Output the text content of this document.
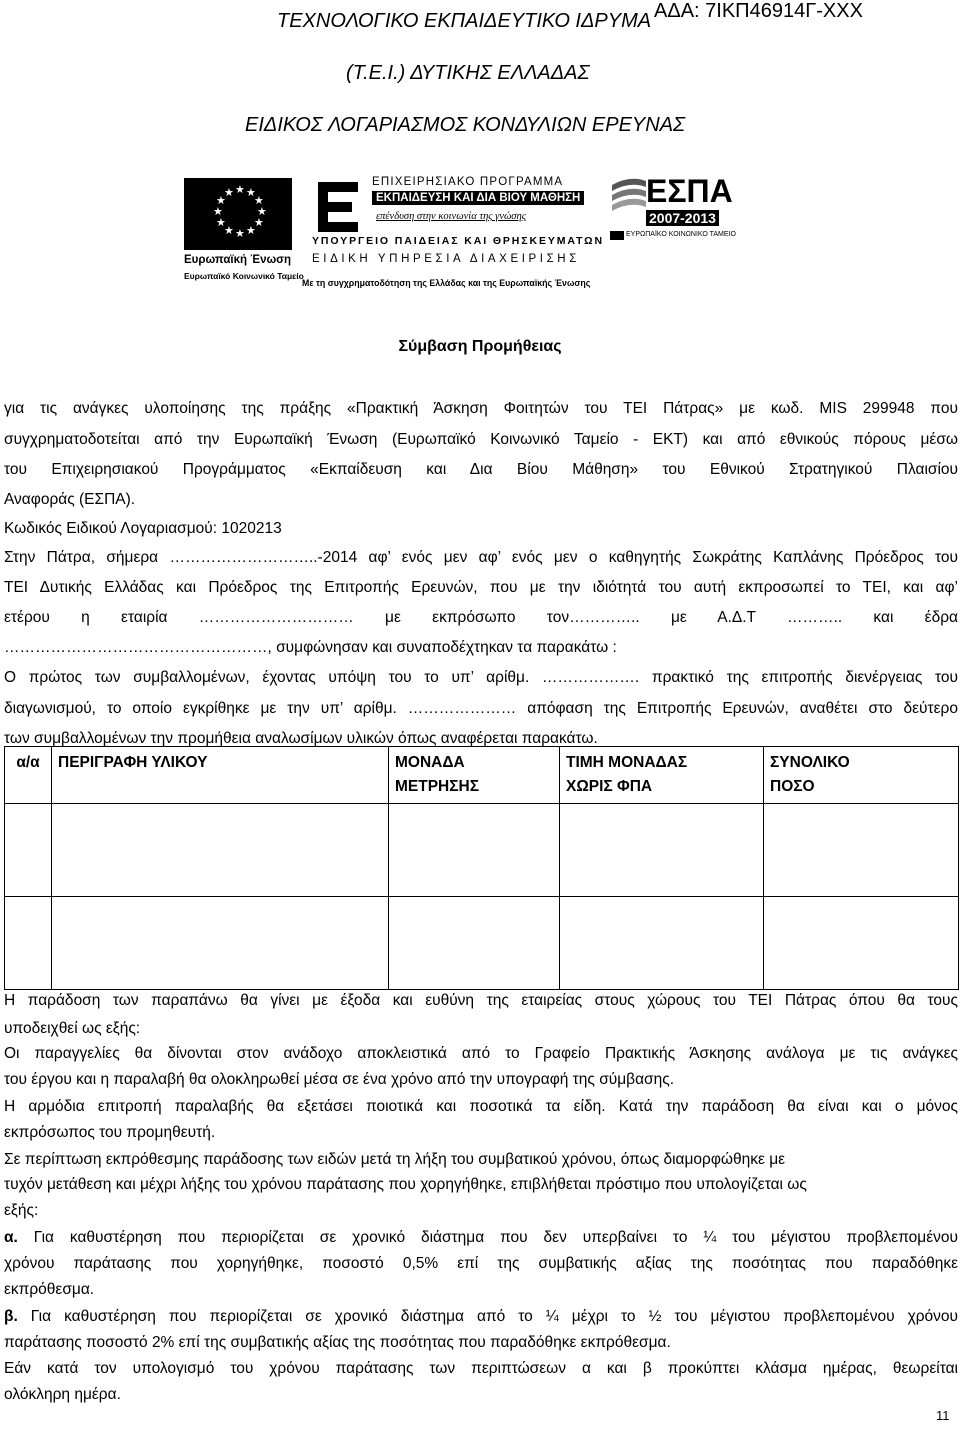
ΤΕΧΝΟΛΟΓΙΚΟ ΕΚΠΑΙΔΕΥΤΙΚΟ ΙΔΡΥΜΑ ΑΔΑ: 7ΙΚΠ46914Γ-ΧΧΧ
(Τ.Ε.Ι.) ΔΥΤΙΚΗΣ ΕΛΛΑΔΑΣ
ΕΙΔΙΚΟΣ ΛΟΓΑΡΙΑΣΜΟΣ ΚΟΝΔΥΛΙΩΝ ΕΡΕΥΝΑΣ
★ ★
★
★
★
★
★
★
★
★
★
★
Ευρωπαϊκή Ένωση
Ευρωπαϊκό Κοινωνικό Ταμείο
ΕΠΙΧΕΙΡΗΣΙΑΚΟ ΠΡΟΓΡΑΜΜΑ
ΕΚΠΑΙΔΕΥΣΗ ΚΑΙ ΔΙΑ ΒΙΟΥ ΜΑΘΗΣΗ
επένδυση στην κοινωνία της γνώσης
ΥΠΟΥΡΓΕΙΟ ΠΑΙΔΕΙΑΣ ΚΑΙ ΘΡΗΣΚΕΥΜΑΤΩΝ
ΕΙΔΙΚΗ ΥΠΗΡΕΣΙΑ ΔΙΑΧΕΙΡΙΣΗΣ
Με τη συγχρηματοδότηση της Ελλάδας και της Ευρωπαϊκής Ένωσης
ΕΣΠΑ
2007-2013
ΕΥΡΩΠΑΪΚΟ ΚΟΙΝΩΝΙΚΟ ΤΑΜΕΙΟ
Σύμβαση Προμήθειας
για τις ανάγκες υλοποίησης της πράξης «Πρακτική Άσκηση Φοιτητών του ΤΕΙ Πάτρας» με κωδ. MIS 299948 που
συγχρηματοδοτείται από την Ευρωπαϊκή Ένωση (Ευρωπαϊκό Κοινωνικό Ταμείο - ΕΚΤ) και από εθνικούς πόρους μέσω
του Επιχειρησιακού Προγράμματος «Εκπαίδευση και Δια Βίου Μάθηση» του Εθνικού Στρατηγικού Πλαισίου
Αναφοράς (ΕΣΠΑ).
Κωδικός Ειδικού Λογαριασμού: 1020213
Στην Πάτρα, σήμερα ………………………..-2014 αφ’ ενός μεν αφ’ ενός μεν ο καθηγητής Σωκράτης Καπλάνης Πρόεδρος του
ΤΕΙ Δυτικής Ελλάδας και Πρόεδρος της Επιτροπής Ερευνών, που με την ιδιότητά του αυτή εκπροσωπεί το ΤΕΙ, και αφ’
ετέρου η εταιρία ………………………… με εκπρόσωπο τον………….. με Α.Δ.Τ ……….. και έδρα
……………………………………………, συμφώνησαν και συναποδέχτηκαν τα παρακάτω :
Ο πρώτος των συμβαλλομένων, έχοντας υπόψη του το υπ’ αρίθμ. ………………. πρακτικό της επιτροπής διενέργειας του
διαγωνισμού, το οποίο εγκρίθηκε με την υπ’ αρίθμ. ………………… απόφαση της Επιτροπής Ερευνών, αναθέτει στο δεύτερο
των συμβαλλομένων την προμήθεια αναλωσίμων υλικών όπως αναφέρεται παρακάτω.
α/α	ΠΕΡΙΓΡΑΦΗ ΥΛΙΚΟΥ	ΜΟΝΑΔΑ ΜΕΤΡΗΣΗΣ	ΤΙΜΗ ΜΟΝΑΔΑΣ ΧΩΡΙΣ ΦΠΑ	ΣΥΝΟΛΙΚΟ ΠΟΣΟ

Η παράδοση των παραπάνω θα γίνει με έξοδα και ευθύνη της εταιρείας στους χώρους του ΤΕΙ Πάτρας όπου θα τους
υποδειχθεί ως εξής:
Οι παραγγελίες θα δίνονται στον ανάδοχο αποκλειστικά από το Γραφείο Πρακτικής Άσκησης ανάλογα με τις ανάγκες
του έργου και η παραλαβή θα ολοκληρωθεί μέσα σε ένα χρόνο από την υπογραφή της σύμβασης.
Η αρμόδια επιτροπή παραλαβής θα εξετάσει ποιοτικά και ποσοτικά τα είδη. Κατά την παράδοση θα είναι και ο μόνος
εκπρόσωπος του προμηθευτή.
Σε περίπτωση εκπρόθεσμης παράδοσης των ειδών μετά τη λήξη του συμβατικού χρόνου, όπως διαμορφώθηκε με
τυχόν μετάθεση και μέχρι λήξης του χρόνου παράτασης που χορηγήθηκε, επιβλήθεται πρόστιμο που υπολογίζεται ως
εξής:
α. Για καθυστέρηση που περιορίζεται σε χρονικό διάστημα που δεν υπερβαίνει το ¼ του μέγιστου προβλεπομένου
χρόνου παράτασης που χορηγήθηκε, ποσοστό 0,5% επί της συμβατικής αξίας της ποσότητας που παραδόθηκε
εκπρόθεσμα.
β. Για καθυστέρηση που περιορίζεται σε χρονικό διάστημα από το ¼ μέχρι το ½ του μέγιστου προβλεπομένου χρόνου
παράτασης ποσοστό 2% επί της συμβατικής αξίας της ποσότητας που παραδόθηκε εκπρόθεσμα.
Εάν κατά τον υπολογισμό του χρόνου παράτασης των περιπτώσεων α και β προκύπτει κλάσμα ημέρας, θεωρείται
ολόκληρη ημέρα.
11
